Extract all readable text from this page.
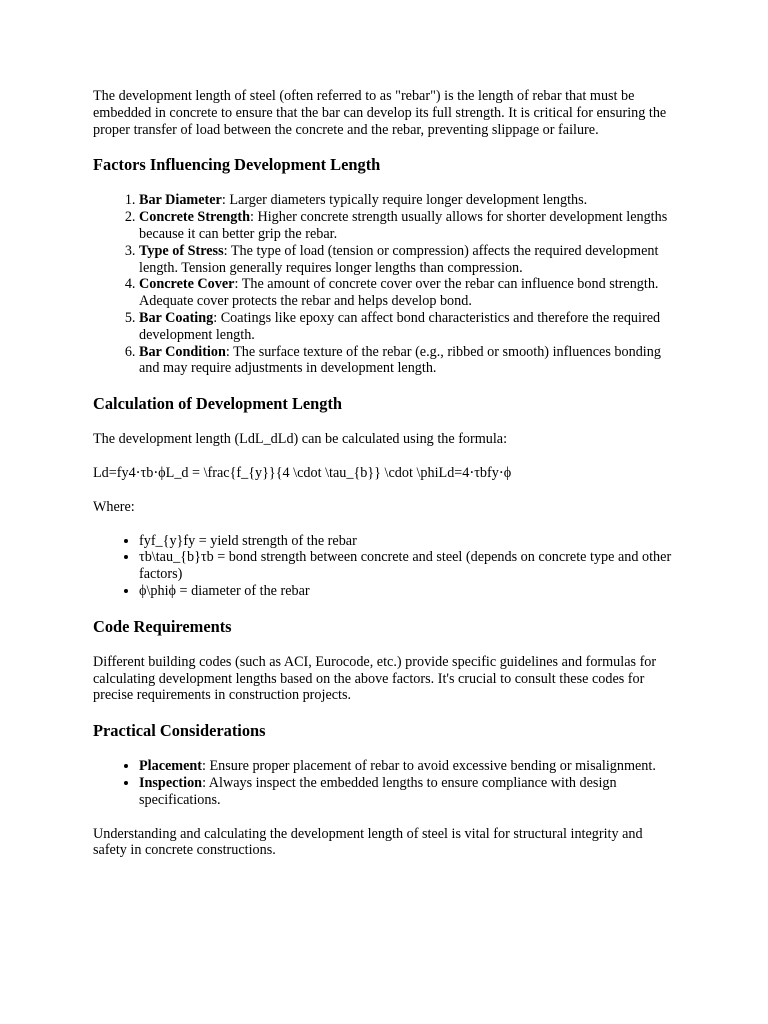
The development length of steel (often referred to as "rebar") is the length of rebar that must be embedded in concrete to ensure that the bar can develop its full strength. It is critical for ensuring the proper transfer of load between the concrete and the rebar, preventing slippage or failure.

Factors Influencing Development Length
1. Bar Diameter: Larger diameters typically require longer development lengths.
2. Concrete Strength: Higher concrete strength usually allows for shorter development lengths because it can better grip the rebar.
3. Type of Stress: The type of load (tension or compression) affects the required development length. Tension generally requires longer lengths than compression.
4. Concrete Cover: The amount of concrete cover over the rebar can influence bond strength. Adequate cover protects the rebar and helps develop bond.
5. Bar Coating: Coatings like epoxy can affect bond characteristics and therefore the required development length.
6. Bar Condition: The surface texture of the rebar (e.g., ribbed or smooth) influences bonding and may require adjustments in development length.
Calculation of Development Length

The development length (LdL_dLd) can be calculated using the formula:

Ld=fy4⋅τb⋅ϕL_d = \frac{f_{y}}{4 \cdot \tau_{b}} \cdot \phiLd=4⋅τbfy⋅ϕ

Where:

• fyf_{y}fy = yield strength of the rebar
• τb\tau_{b}τb = bond strength between concrete and steel (depends on concrete type and other factors)
• ϕ\phiϕ = diameter of the rebar
Code Requirements

Different building codes (such as ACI, Eurocode, etc.) provide specific guidelines and formulas for calculating development lengths based on the above factors. It's crucial to consult these codes for precise requirements in construction projects.

Practical Considerations
• Placement: Ensure proper placement of rebar to avoid excessive bending or misalignment.
• Inspection: Always inspect the embedded lengths to ensure compliance with design specifications.

Understanding and calculating the development length of steel is vital for structural integrity and safety in concrete constructions.
